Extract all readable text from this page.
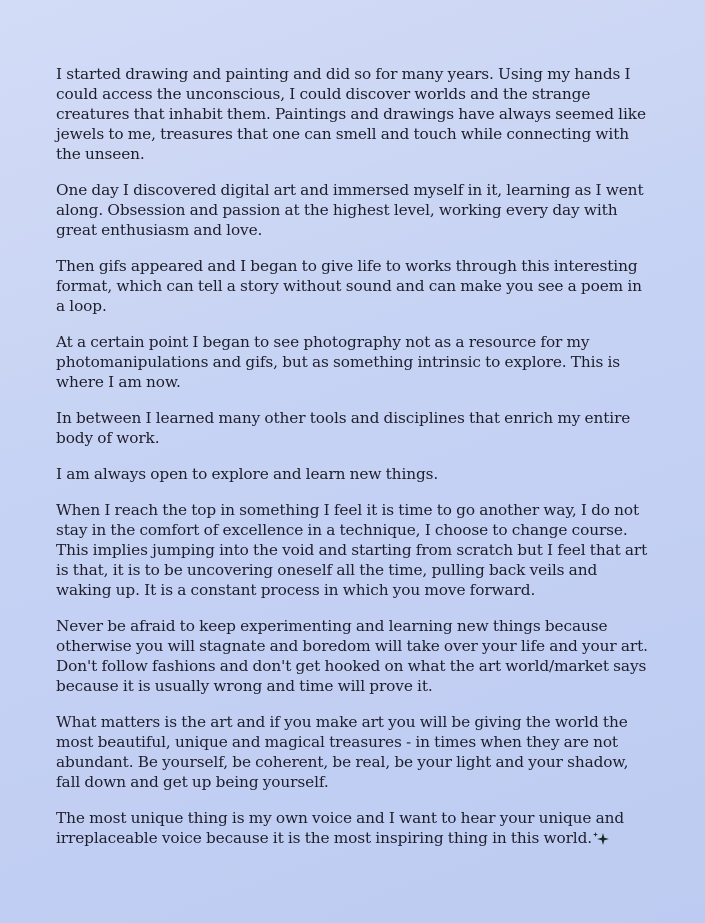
I started drawing and painting and did so for many years. Using my hands I could access the unconscious, I could discover worlds and the strange creatures that inhabit them. Paintings and drawings have always seemed like jewels to me, treasures that one can smell and touch while connecting with the unseen.

One day I discovered digital art and immersed myself in it, learning as I went along. Obsession and passion at the highest level, working every day with great enthusiasm and love.

Then gifs appeared and I began to give life to works through this interesting format, which can tell a story without sound and can make you see a poem in a loop.

At a certain point I began to see photography not as a resource for my photomanipulations and gifs, but as something intrinsic to explore. This is where I am now.

In between I learned many other tools and disciplines that enrich my entire body of work.

I am always open to explore and learn new things.

When I reach the top in something I feel it is time to go another way, I do not stay in the comfort of excellence in a technique, I choose to change course. This implies jumping into the void and starting from scratch but I feel that art is that, it is to be uncovering oneself all the time, pulling back veils and waking up. It is a constant process in which you move forward.

Never be afraid to keep experimenting and learning new things because otherwise you will stagnate and boredom will take over your life and your art. Don't follow fashions and don't get hooked on what the art world/market says because it is usually wrong and time will prove it.

What matters is the art and if you make art you will be giving the world the most beautiful, unique and magical treasures - in times when they are not abundant. Be yourself, be coherent, be real, be your light and your shadow, fall down and get up being yourself.

The most unique thing is my own voice and I want to hear your unique and irreplaceable voice because it is the most inspiring thing in this world.
